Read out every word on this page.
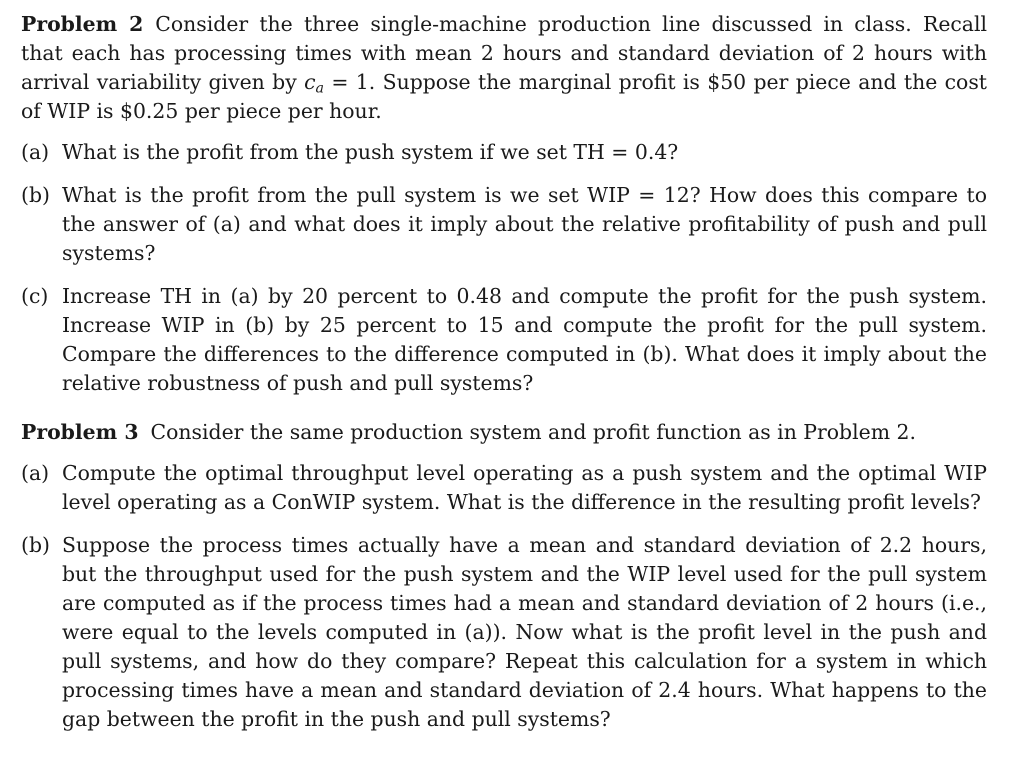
Problem 2 Consider the three single-machine production line discussed in class. Recall that each has processing times with mean 2 hours and standard deviation of 2 hours with arrival variability given by $c_a = 1$. Suppose the marginal profit is $50 per piece and the cost of WIP is $0.25 per piece per hour.

(a) What is the profit from the push system if we set TH = 0.4?
(b) What is the profit from the pull system is we set WIP = 12? How does this compare to the answer of (a) and what does it imply about the relative profitability of push and pull systems?
(c) Increase TH in (a) by 20 percent to 0.48 and compute the profit for the push system. Increase WIP in (b) by 25 percent to 15 and compute the profit for the pull system. Compare the differences to the difference computed in (b). What does it imply about the relative robustness of push and pull systems?

Problem 3 Consider the same production system and profit function as in Problem 2.

(a) Compute the optimal throughput level operating as a push system and the optimal WIP level operating as a ConWIP system. What is the difference in the resulting profit levels?
(b) Suppose the process times actually have a mean and standard deviation of 2.2 hours, but the throughput used for the push system and the WIP level used for the pull system are computed as if the process times had a mean and standard deviation of 2 hours (i.e., were equal to the levels computed in (a)). Now what is the profit level in the push and pull systems, and how do they compare? Repeat this calculation for a system in which processing times have a mean and standard deviation of 2.4 hours. What happens to the gap between the profit in the push and pull systems?
